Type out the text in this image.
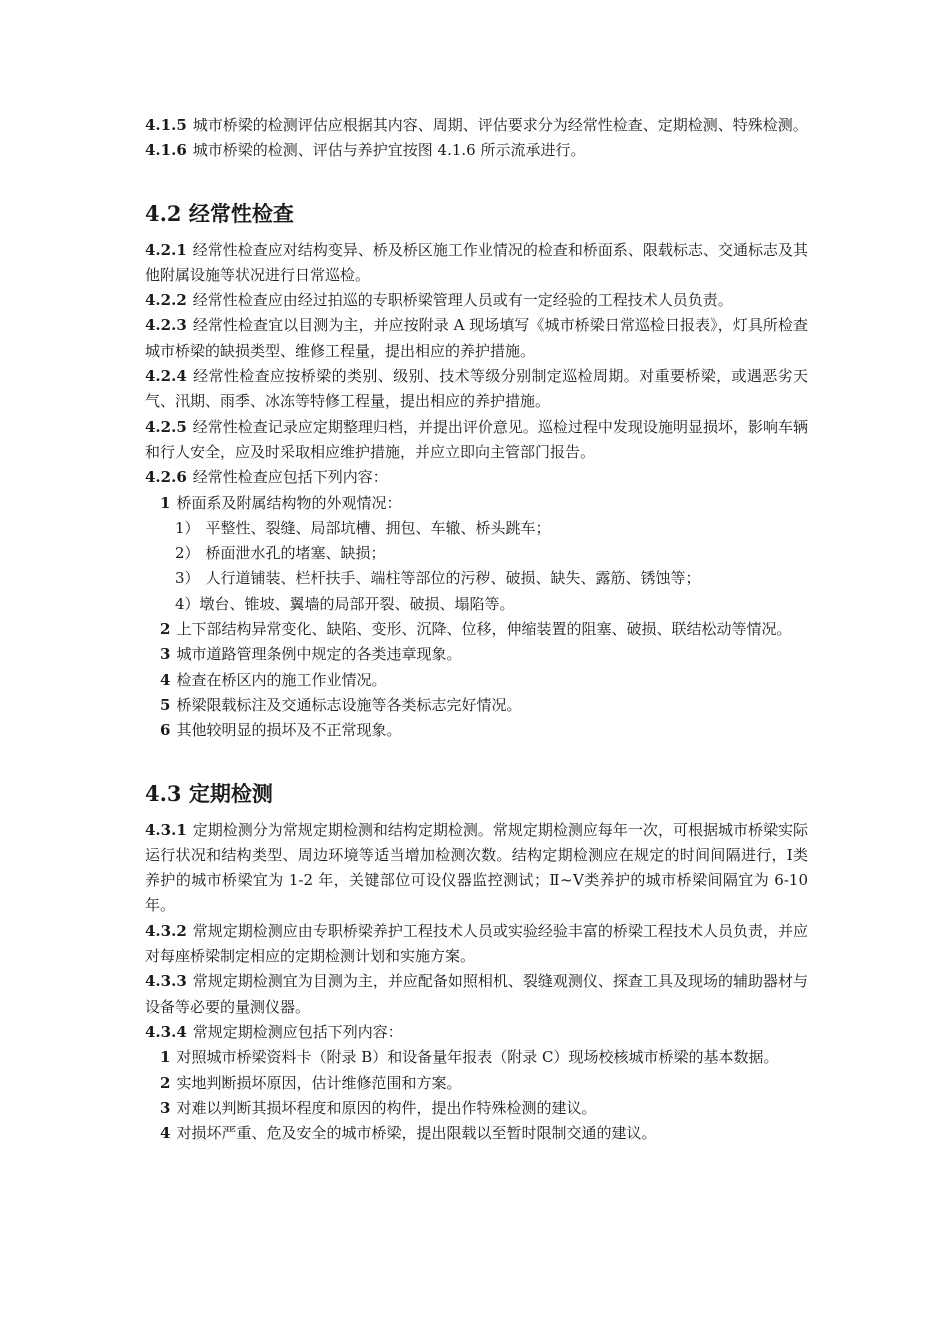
4.1.5 城市桥梁的检测评估应根据其内容、周期、评估要求分为经常性检查、定期检测、特殊检测。

4.1.6 城市桥梁的检测、评估与养护宜按图 4.1.6 所示流承进行。

4.2 经常性检查

4.2.1 经常性检查应对结构变异、桥及桥区施工作业情况的检查和桥面系、限载标志、交通标志及其他附属设施等状况进行日常巡检。

4.2.2 经常性检查应由经过拍巡的专职桥梁管理人员或有一定经验的工程技术人员负责。

4.2.3 经常性检查宜以目测为主，并应按附录 A 现场填写《城市桥梁日常巡检日报表》，灯具所检查城市桥梁的缺损类型、维修工程量，提出相应的养护措施。

4.2.4 经常性检查应按桥梁的类别、级别、技术等级分别制定巡检周期。对重要桥梁，或遇恶劣天气、汛期、雨季、冰冻等特修工程量，提出相应的养护措施。

4.2.5 经常性检查记录应定期整理归档，并提出评价意见。巡检过程中发现设施明显损坏，影响车辆和行人安全，应及时采取相应维护措施，并应立即向主管部门报告。

4.2.6 经常性检查应包括下列内容：

1 桥面系及附属结构物的外观情况：

1） 平整性、裂缝、局部坑槽、拥包、车辙、桥头跳车；

2） 桥面泄水孔的堵塞、缺损；

3） 人行道铺装、栏杆扶手、端柱等部位的污秽、破损、缺失、露筋、锈蚀等；

4）墩台、锥坡、翼墙的局部开裂、破损、塌陷等。

2 上下部结构异常变化、缺陷、变形、沉降、位移，伸缩装置的阻塞、破损、联结松动等情况。

3 城市道路管理条例中规定的各类违章现象。

4 检查在桥区内的施工作业情况。

5 桥梁限载标注及交通标志设施等各类标志完好情况。

6 其他较明显的损坏及不正常现象。

4.3 定期检测

4.3.1 定期检测分为常规定期检测和结构定期检测。常规定期检测应每年一次，可根据城市桥梁实际运行状况和结构类型、周边环境等适当增加检测次数。结构定期检测应在规定的时间间隔进行，Ⅰ类养护的城市桥梁宜为 1-2 年，关键部位可设仪器监控测试；Ⅱ~Ⅴ类养护的城市桥梁间隔宜为 6-10 年。

4.3.2 常规定期检测应由专职桥梁养护工程技术人员或实验经验丰富的桥梁工程技术人员负责，并应对每座桥梁制定相应的定期检测计划和实施方案。

4.3.3 常规定期检测宜为目测为主，并应配备如照相机、裂缝观测仪、探查工具及现场的辅助器材与设备等必要的量测仪器。

4.3.4 常规定期检测应包括下列内容：

1 对照城市桥梁资料卡（附录 B）和设备量年报表（附录 C）现场校核城市桥梁的基本数据。

2 实地判断损坏原因，估计维修范围和方案。

3 对难以判断其损坏程度和原因的构件，提出作特殊检测的建议。

4 对损坏严重、危及安全的城市桥梁，提出限载以至暂时限制交通的建议。
